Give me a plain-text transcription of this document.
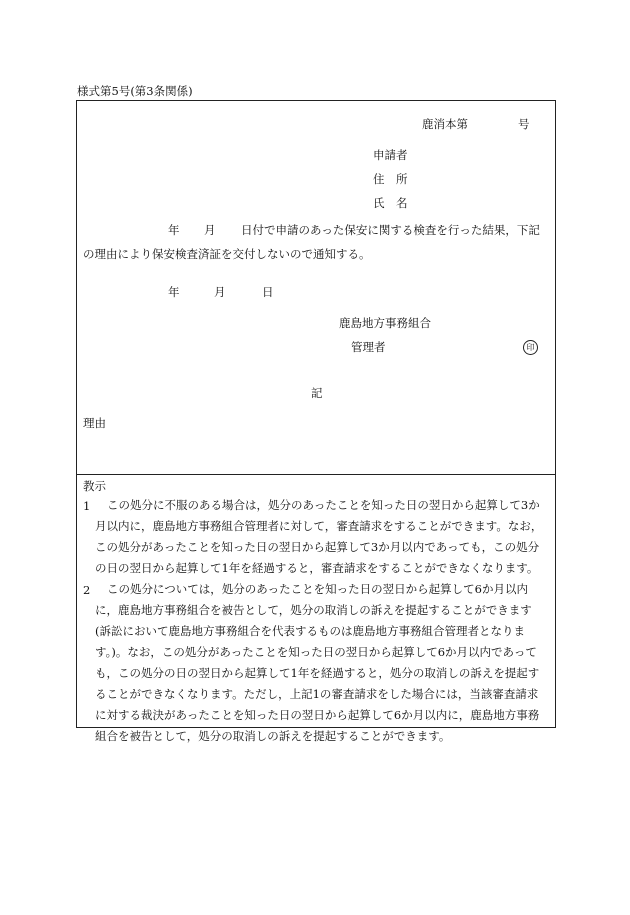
様式第5号(第3条関係)
鹿消本第	号
申請者
住　所
氏　名
年 月 日付で申請のあった保安に関する検査を行った結果，下記
の理由により保安検査済証を交付しないので通知する。
年	月	日
鹿島地方事務組合
管理者	印
記
理由
教示
1	この処分に不服のある場合は，処分のあったことを知った日の翌日から起算して3か
月以内に，鹿島地方事務組合管理者に対して，審査請求をすることができます。なお，
この処分があったことを知った日の翌日から起算して3か月以内であっても，この処分
の日の翌日から起算して1年を経過すると，審査請求をすることができなくなります。
2	この処分については，処分のあったことを知った日の翌日から起算して6か月以内
に，鹿島地方事務組合を被告として，処分の取消しの訴えを提起することができます
(訴訟において鹿島地方事務組合を代表するものは鹿島地方事務組合管理者となりま
す。)。なお，この処分があったことを知った日の翌日から起算して6か月以内であって
も，この処分の日の翌日から起算して1年を経過すると，処分の取消しの訴えを提起す
ることができなくなります。ただし，上記1の審査請求をした場合には，当該審査請求
に対する裁決があったことを知った日の翌日から起算して6か月以内に，鹿島地方事務
組合を被告として，処分の取消しの訴えを提起することができます。
